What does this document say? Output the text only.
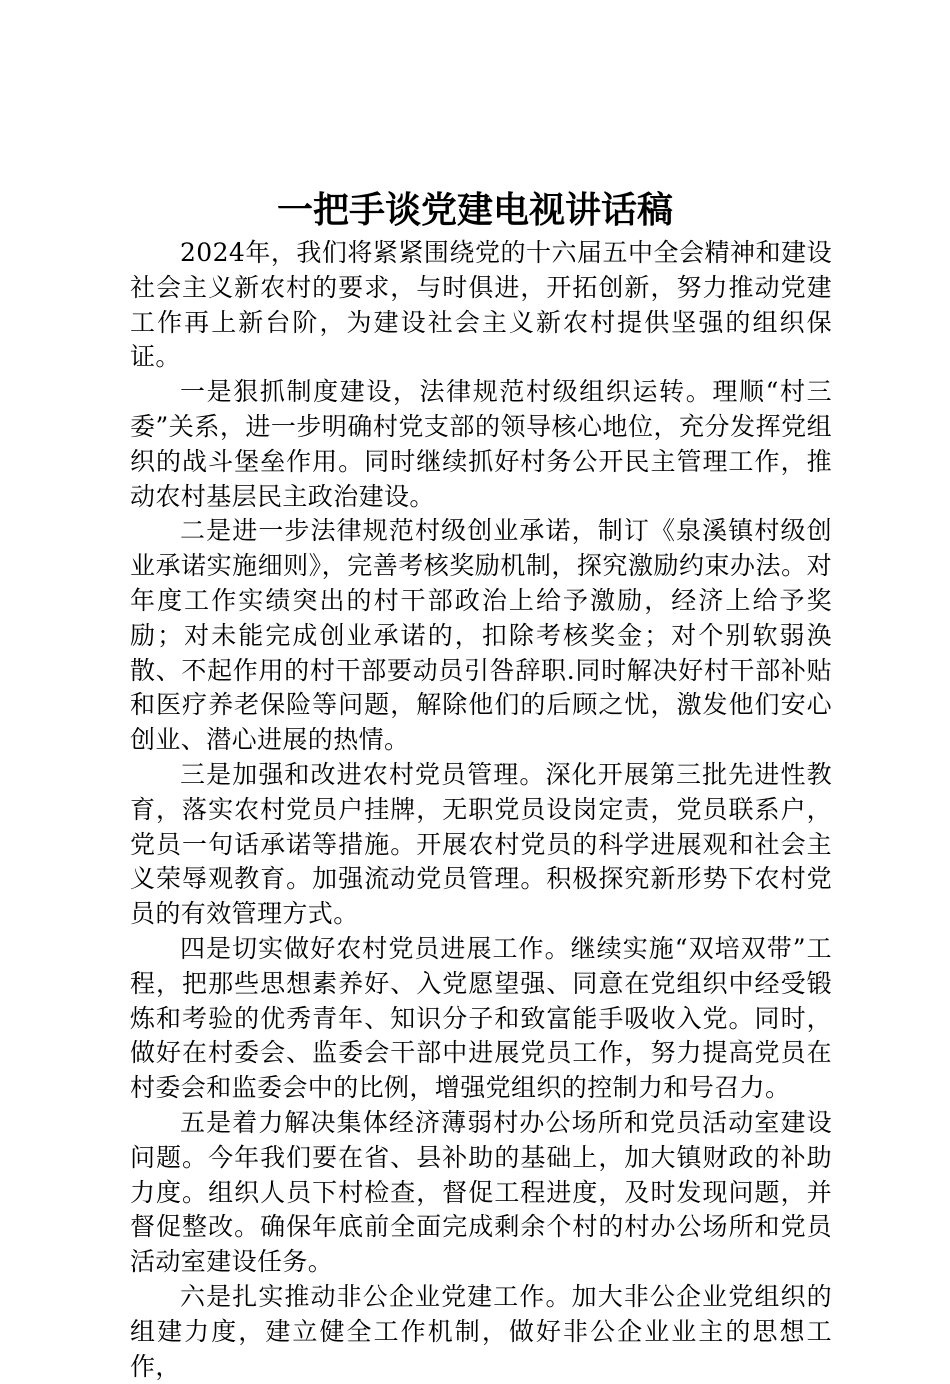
一把手谈党建电视讲话稿

2024年，我们将紧紧围绕党的十六届五中全会精神和建设社会主义新农村的要求，与时俱进，开拓创新，努力推动党建工作再上新台阶，为建设社会主义新农村提供坚强的组织保证。

一是狠抓制度建设，法律规范村级组织运转。理顺“村三委”关系，进一步明确村党支部的领导核心地位，充分发挥党组织的战斗堡垒作用。同时继续抓好村务公开民主管理工作，推动农村基层民主政治建设。

二是进一步法律规范村级创业承诺，制订《泉溪镇村级创业承诺实施细则》，完善考核奖励机制，探究激励约束办法。对年度工作实绩突出的村干部政治上给予激励，经济上给予奖励；对未能完成创业承诺的，扣除考核奖金；对个别软弱涣散、不起作用的村干部要动员引咎辞职.同时解决好村干部补贴和医疗养老保险等问题，解除他们的后顾之忧，激发他们安心创业、潜心进展的热情。

三是加强和改进农村党员管理。深化开展第三批先进性教育，落实农村党员户挂牌，无职党员设岗定责，党员联系户，党员一句话承诺等措施。开展农村党员的科学进展观和社会主义荣辱观教育。加强流动党员管理。积极探究新形势下农村党员的有效管理方式。

四是切实做好农村党员进展工作。继续实施“双培双带”工程，把那些思想素养好、入党愿望强、同意在党组织中经受锻炼和考验的优秀青年、知识分子和致富能手吸收入党。同时，做好在村委会、监委会干部中进展党员工作，努力提高党员在村委会和监委会中的比例，增强党组织的控制力和号召力。

五是着力解决集体经济薄弱村办公场所和党员活动室建设问题。今年我们要在省、县补助的基础上，加大镇财政的补助力度。组织人员下村检查，督促工程进度，及时发现问题，并督促整改。确保年底前全面完成剩余个村的村办公场所和党员活动室建设任务。

六是扎实推动非公企业党建工作。加大非公企业党组织的组建力度，建立健全工作机制，做好非公企业业主的思想工作，
